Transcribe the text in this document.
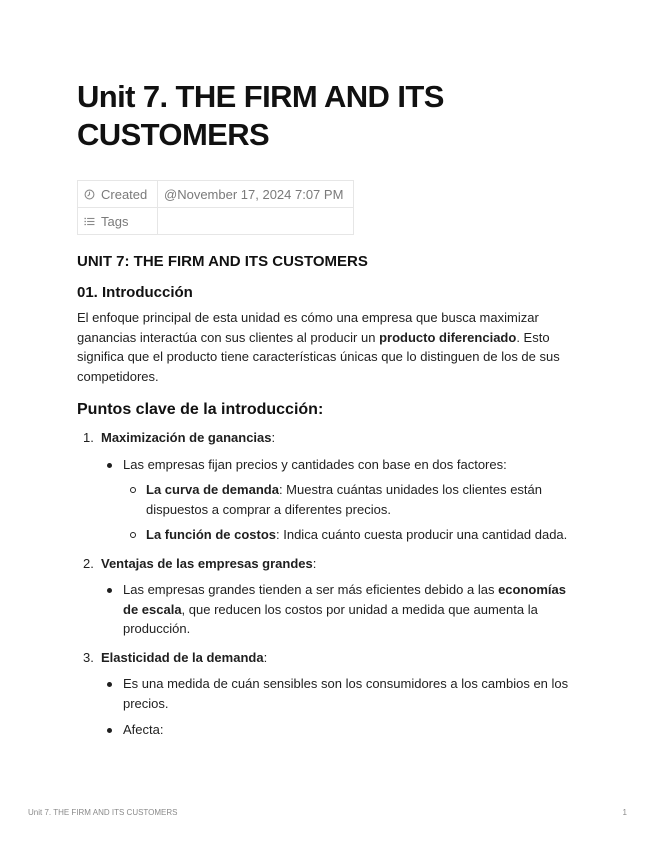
Unit 7. THE FIRM AND ITS CUSTOMERS
Created	@November 17, 2024 7:07 PM
Tags	
UNIT 7: THE FIRM AND ITS CUSTOMERS
01. Introducción

El enfoque principal de esta unidad es cómo una empresa que busca maximizar ganancias interactúa con sus clientes al producir un producto diferenciado. Esto significa que el producto tiene características únicas que lo distinguen de los de sus competidores.

Puntos clave de la introducción:
1. Maximización de ganancias:
Las empresas fijan precios y cantidades con base en dos factores:
La curva de demanda: Muestra cuántas unidades los clientes están dispuestos a comprar a diferentes precios.
La función de costos: Indica cuánto cuesta producir una cantidad dada.
2. Ventajas de las empresas grandes:
Las empresas grandes tienden a ser más eficientes debido a las economías de escala, que reducen los costos por unidad a medida que aumenta la producción.
3. Elasticidad de la demanda:
Es una medida de cuán sensibles son los consumidores a los cambios en los precios.
Afecta:
Unit 7. THE FIRM AND ITS CUSTOMERS	1
